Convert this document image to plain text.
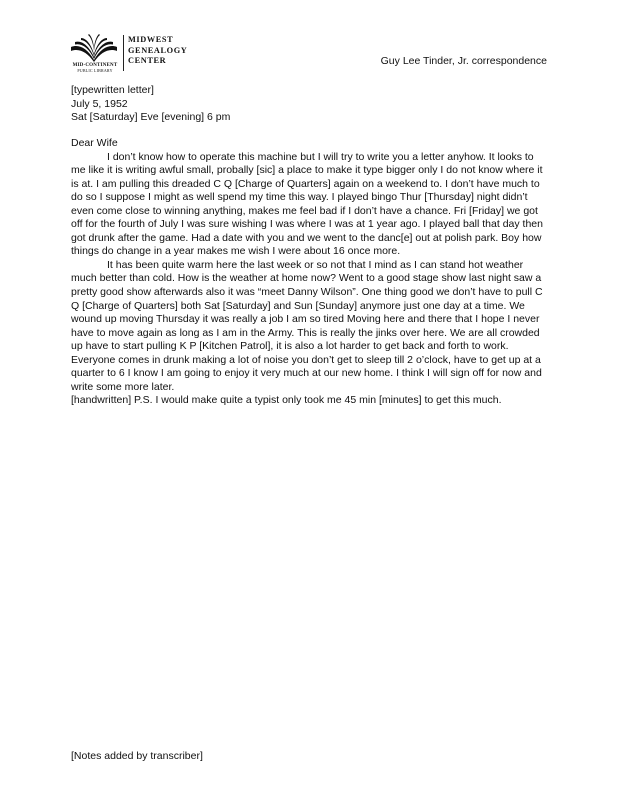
MID-CONTINENT
PUBLIC LIBRARY
MIDWEST
GENEALOGY
CENTER	Guy Lee Tinder, Jr. correspondence
[typewritten letter]
July 5, 1952
Sat [Saturday] Eve [evening] 6 pm

Dear Wife

I don’t know how to operate this machine but I will try to write you a letter anyhow. It looks to me like it is writing awful small, probally [sic] a place to make it type bigger only I do not know where it is at. I am pulling this dreaded C Q [Charge of Quarters] again on a weekend to. I don’t have much to do so I suppose I might as well spend my time this way. I played bingo Thur [Thursday] night didn’t even come close to winning anything, makes me feel bad if I don’t have a chance. Fri [Friday] we got off for the fourth of July I was sure wishing I was where I was at 1 year ago. I played ball that day then got drunk after the game. Had a date with you and we went to the danc[e] out at polish park. Boy how things do change in a year makes me wish I were about 16 once more.

It has been quite warm here the last week or so not that I mind as I can stand hot weather much better than cold. How is the weather at home now? Went to a good stage show last night saw a pretty good show afterwards also it was “meet Danny Wilson”. One thing good we don’t have to pull C Q [Charge of Quarters] both Sat [Saturday] and Sun [Sunday] anymore just one day at a time. We wound up moving Thursday it was really a job I am so tired Moving here and there that I hope I never have to move again as long as I am in the Army. This is really the jinks over here. We are all crowded up have to start pulling K P [Kitchen Patrol], it is also a lot harder to get back and forth to work. Everyone comes in drunk making a lot of noise you don’t get to sleep till 2 o’clock, have to get up at a quarter to 6 I know I am going to enjoy it very much at our new home. I think I will sign off for now and write some more later.

[handwritten] P.S. I would make quite a typist only took me 45 min [minutes] to get this much.

[Notes added by transcriber]
